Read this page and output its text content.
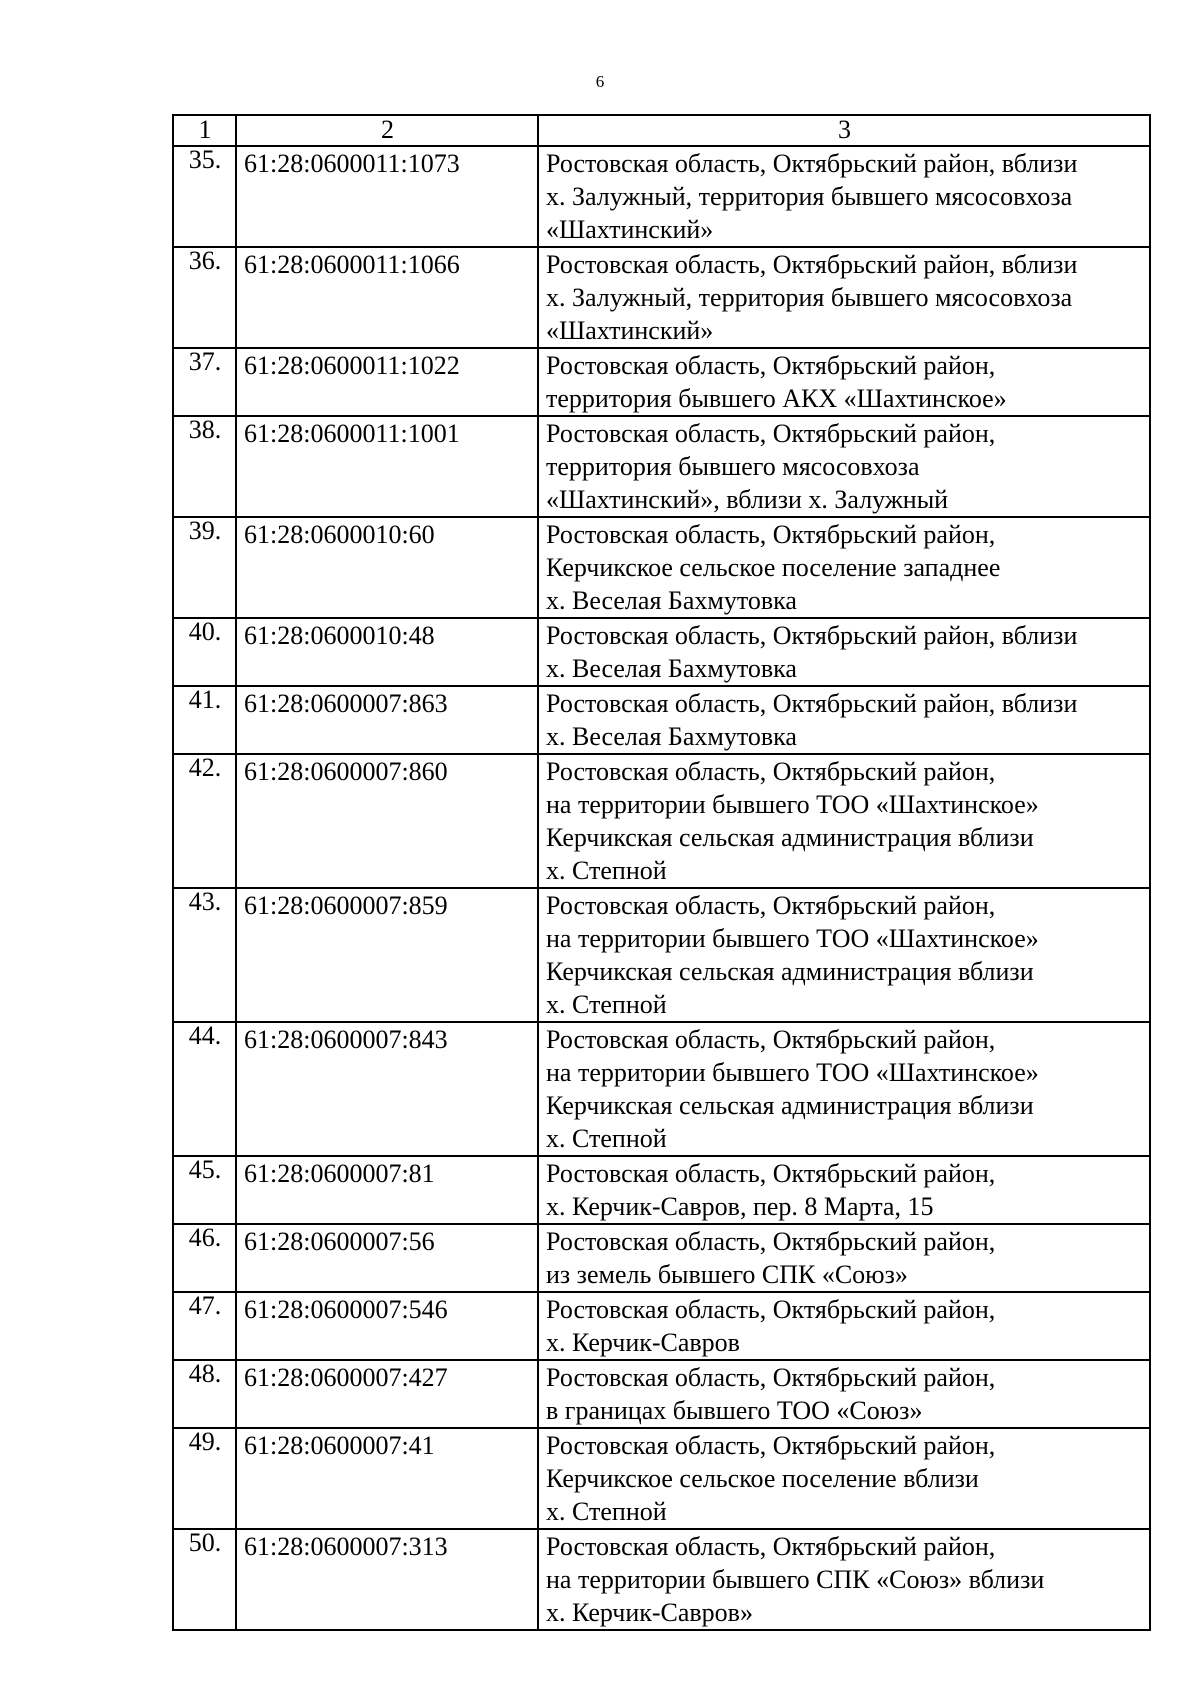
6
1	2	3
35.	61:28:0600011:1073	Ростовская область, Октябрьский район, вблизи
х. Залужный, территория бывшего мясосовхоза
«Шахтинский»

36.	61:28:0600011:1066	Ростовская область, Октябрьский район, вблизи
х. Залужный, территория бывшего мясосовхоза
«Шахтинский»

37.	61:28:0600011:1022	Ростовская область, Октябрьский район,
территория бывшего АКХ «Шахтинское»

38.	61:28:0600011:1001	Ростовская область, Октябрьский район,
территория бывшего мясосовхоза
«Шахтинский», вблизи х. Залужный

39.	61:28:0600010:60	Ростовская область, Октябрьский район,
Керчикское сельское поселение западнее
х. Веселая Бахмутовка

40.	61:28:0600010:48	Ростовская область, Октябрьский район, вблизи
х. Веселая Бахмутовка

41.	61:28:0600007:863	Ростовская область, Октябрьский район, вблизи
х. Веселая Бахмутовка

42.	61:28:0600007:860	Ростовская область, Октябрьский район,
на территории бывшего ТОО «Шахтинское»
Керчикская сельская администрация вблизи
х. Степной

43.	61:28:0600007:859	Ростовская область, Октябрьский район,
на территории бывшего ТОО «Шахтинское»
Керчикская сельская администрация вблизи
х. Степной

44.	61:28:0600007:843	Ростовская область, Октябрьский район,
на территории бывшего ТОО «Шахтинское»
Керчикская сельская администрация вблизи
х. Степной

45.	61:28:0600007:81	Ростовская область, Октябрьский район,
х. Керчик-Савров, пер. 8 Марта, 15

46.	61:28:0600007:56	Ростовская область, Октябрьский район,
из земель бывшего СПК «Союз»

47.	61:28:0600007:546	Ростовская область, Октябрьский район,
х. Керчик-Савров

48.	61:28:0600007:427	Ростовская область, Октябрьский район,
в границах бывшего ТОО «Союз»

49.	61:28:0600007:41	Ростовская область, Октябрьский район,
Керчикское сельское поселение вблизи
х. Степной

50.	61:28:0600007:313	Ростовская область, Октябрьский район,
на территории бывшего СПК «Союз» вблизи
х. Керчик-Савров»
